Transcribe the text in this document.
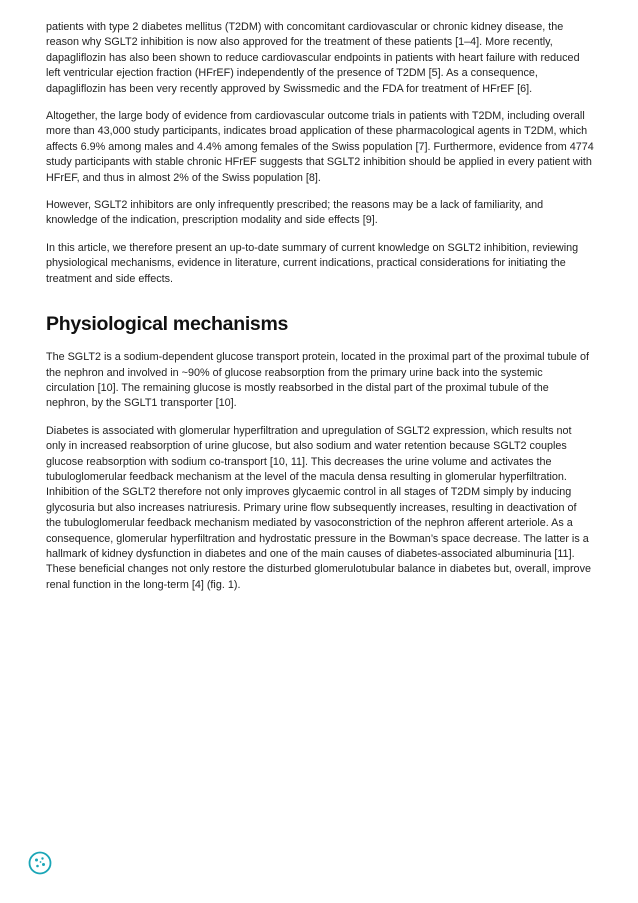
patients with type 2 diabetes mellitus (T2DM) with concomitant cardiovascular or chronic kidney disease, the reason why SGLT2 inhibition is now also approved for the treatment of these patients [1–4]. More recently, dapagliflozin has also been shown to reduce cardiovascular endpoints in patients with heart failure with reduced left ventricular ejection fraction (HFrEF) independently of the presence of T2DM [5]. As a consequence, dapagliflozin has been very recently approved by Swissmedic and the FDA for treatment of HFrEF [6].

Altogether, the large body of evidence from cardiovascular outcome trials in patients with T2DM, including overall more than 43,000 study participants, indicates broad application of these pharmacological agents in T2DM, which affects 6.9% among males and 4.4% among females of the Swiss population [7]. Furthermore, evidence from 4774 study participants with stable chronic HFrEF suggests that SGLT2 inhibition should be applied in every patient with HFrEF, and thus in almost 2% of the Swiss population [8].

However, SGLT2 inhibitors are only infrequently prescribed; the reasons may be a lack of familiarity, and knowledge of the indication, prescription modality and side effects [9].

In this article, we therefore present an up-to-date summary of current knowledge on SGLT2 inhibition, reviewing physiological mechanisms, evidence in literature, current indications, practical considerations for initiating the treatment and side effects.

Physiological mechanisms

The SGLT2 is a sodium-dependent glucose transport protein, located in the proximal part of the proximal tubule of the nephron and involved in ~90% of glucose reabsorption from the primary urine back into the systemic circulation [10]. The remaining glucose is mostly reabsorbed in the distal part of the proximal tubule of the nephron, by the SGLT1 transporter [10].

Diabetes is associated with glomerular hyperfiltration and upregulation of SGLT2 expression, which results not only in increased reabsorption of urine glucose, but also sodium and water retention because SGLT2 couples glucose reabsorption with sodium co-transport [10, 11]. This decreases the urine volume and activates the tubuloglomerular feedback mechanism at the level of the macula densa resulting in glomerular hyperfiltration. Inhibition of the SGLT2 therefore not only improves glycaemic control in all stages of T2DM simply by inducing glycosuria but also increases natriuresis. Primary urine flow subsequently increases, resulting in deactivation of the tubuloglomerular feedback mechanism mediated by vasoconstriction of the nephron afferent arteriole. As a consequence, glomerular hyperfiltration and hydrostatic pressure in the Bowman’s space decrease. The latter is a hallmark of kidney dysfunction in diabetes and one of the main causes of diabetes-associated albuminuria [11]. These beneficial changes not only restore the disturbed glomerulotubular balance in diabetes but, overall, improve renal function in the long-term [4] (fig. 1).
